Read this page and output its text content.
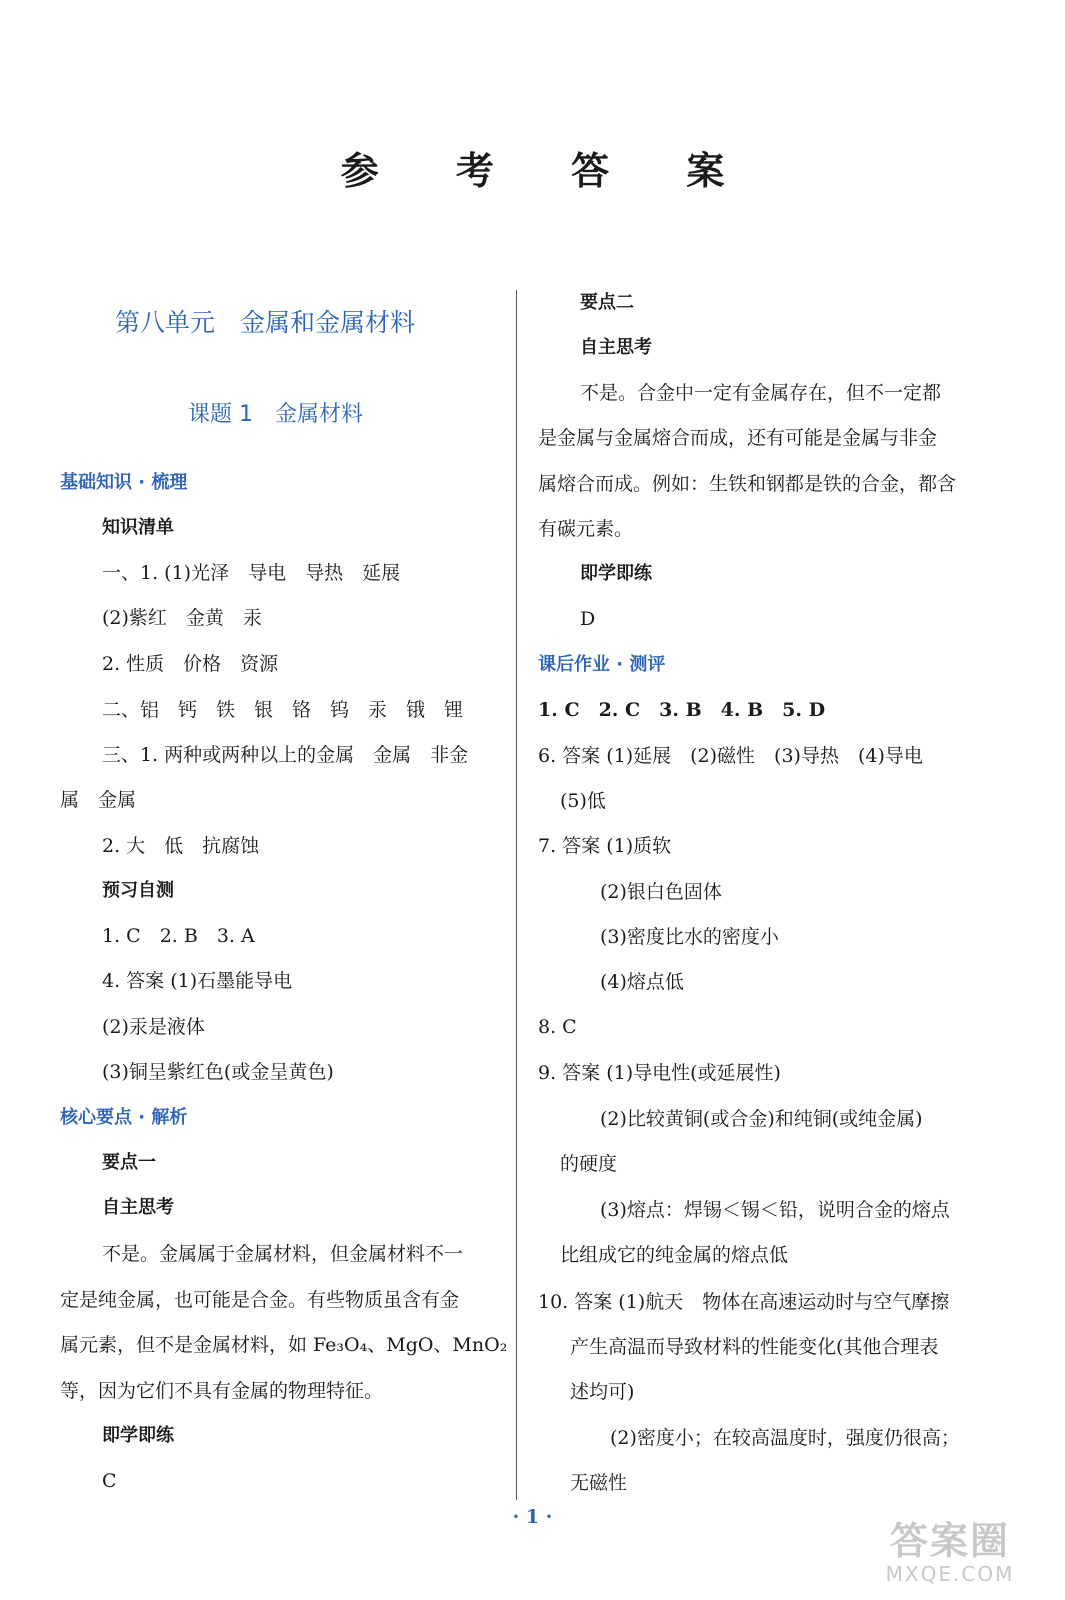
参 考 答 案
第八单元　金属和金属材料
课题 1　金属材料
基础知识 · 梳理
知识清单
一、1. (1)光泽　导电　导热　延展
(2)紫红　金黄　汞
2. 性质　价格　资源
二、铝　钙　铁　银　铬　钨　汞　锇　锂
三、1. 两种或两种以上的金属　金属　非金
属　金属
2. 大　低　抗腐蚀
预习自测
1. C　2. B　3. A
4. 答案 (1)石墨能导电
(2)汞是液体
(3)铜呈紫红色(或金呈黄色)
核心要点 · 解析
要点一
自主思考
不是。金属属于金属材料，但金属材料不一
定是纯金属，也可能是合金。有些物质虽含有金
属元素，但不是金属材料，如 Fe₃O₄、MgO、MnO₂
等，因为它们不具有金属的物理特征。
即学即练
C
要点二
自主思考
不是。合金中一定有金属存在，但不一定都
是金属与金属熔合而成，还有可能是金属与非金
属熔合而成。例如：生铁和钢都是铁的合金，都含
有碳元素。
即学即练
D
课后作业 · 测评
1. C　2. C　3. B　4. B　5. D
6. 答案 (1)延展　(2)磁性　(3)导热　(4)导电
(5)低
7. 答案 (1)质软
(2)银白色固体
(3)密度比水的密度小
(4)熔点低
8. C
9. 答案 (1)导电性(或延展性)
(2)比较黄铜(或合金)和纯铜(或纯金属)
的硬度
(3)熔点：焊锡＜锡＜铅，说明合金的熔点
比组成它的纯金属的熔点低
10. 答案 (1)航天　物体在高速运动时与空气摩擦
产生高温而导致材料的性能变化(其他合理表
述均可)
(2)密度小；在较高温度时，强度仍很高；
无磁性
· 1 ·
答案圈
MXQE.COM
